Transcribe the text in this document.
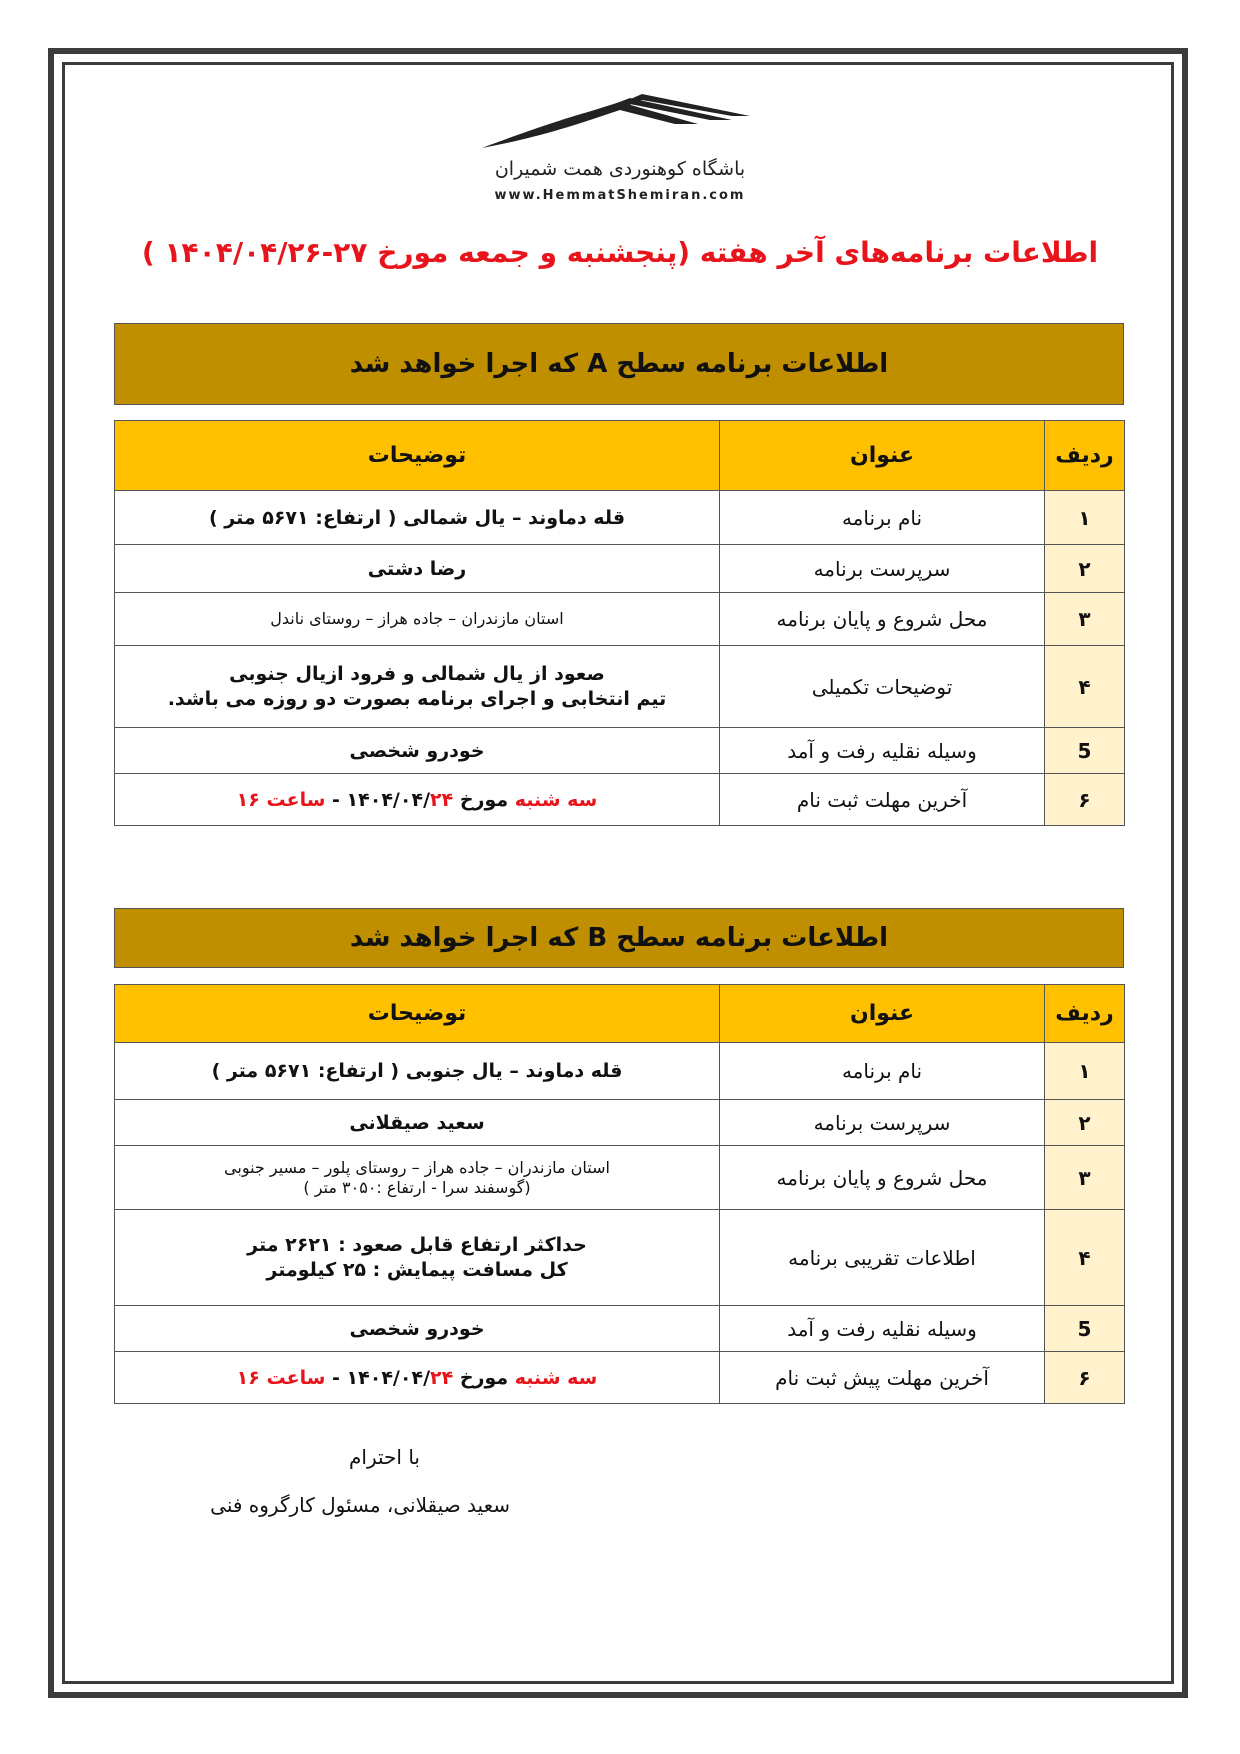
باشگاه کوهنوردی همت شمیران
www.HemmatShemiran.com
اطلاعات برنامه‌های آخر هفته (پنجشنبه و جمعه مورخ ۲۷-۱۴۰۴/۰۴/۲۶ )
اطلاعات برنامه سطح A که اجرا خواهد شد
ردیف	عنوان	توضیحات
۱	نام برنامه	قله دماوند – یال شمالی ( ارتفاع: ۵۶۷۱ متر )
۲	سرپرست برنامه	رضا دشتی
۳	محل شروع و پایان برنامه	استان مازندران – جاده هراز – روستای ناندل
۴	توضیحات تکمیلی	صعود از یال شمالی و فرود ازیال جنوبی
تیم انتخابی و اجرای برنامه بصورت دو روزه می باشد.

5	وسیله نقلیه رفت و آمد	خودرو شخصی
۶	آخرین مهلت ثبت نام	سه شنبه مورخ ۱۴۰۴/۰۴/۲۴ - ساعت ۱۶
اطلاعات برنامه سطح B که اجرا خواهد شد
ردیف	عنوان	توضیحات
۱	نام برنامه	قله دماوند – یال جنوبی ( ارتفاع: ۵۶۷۱ متر )
۲	سرپرست برنامه	سعید صیقلانی
۳	محل شروع و پایان برنامه	استان مازندران – جاده هراز – روستای پلور – مسیر جنوبی
(گوسفند سرا - ارتفاع :۳۰۵۰ متر )

۴	اطلاعات تقریبی برنامه	حداکثر ارتفاع قابل صعود : ۲۶۲۱ متر
کل مسافت پیمایش : ۲۵ کیلومتر

5	وسیله نقلیه رفت و آمد	خودرو شخصی
۶	آخرین مهلت پیش ثبت نام	سه شنبه مورخ ۱۴۰۴/۰۴/۲۴ - ساعت ۱۶
با احترام
سعید صیقلانی، مسئول کارگروه فنی
